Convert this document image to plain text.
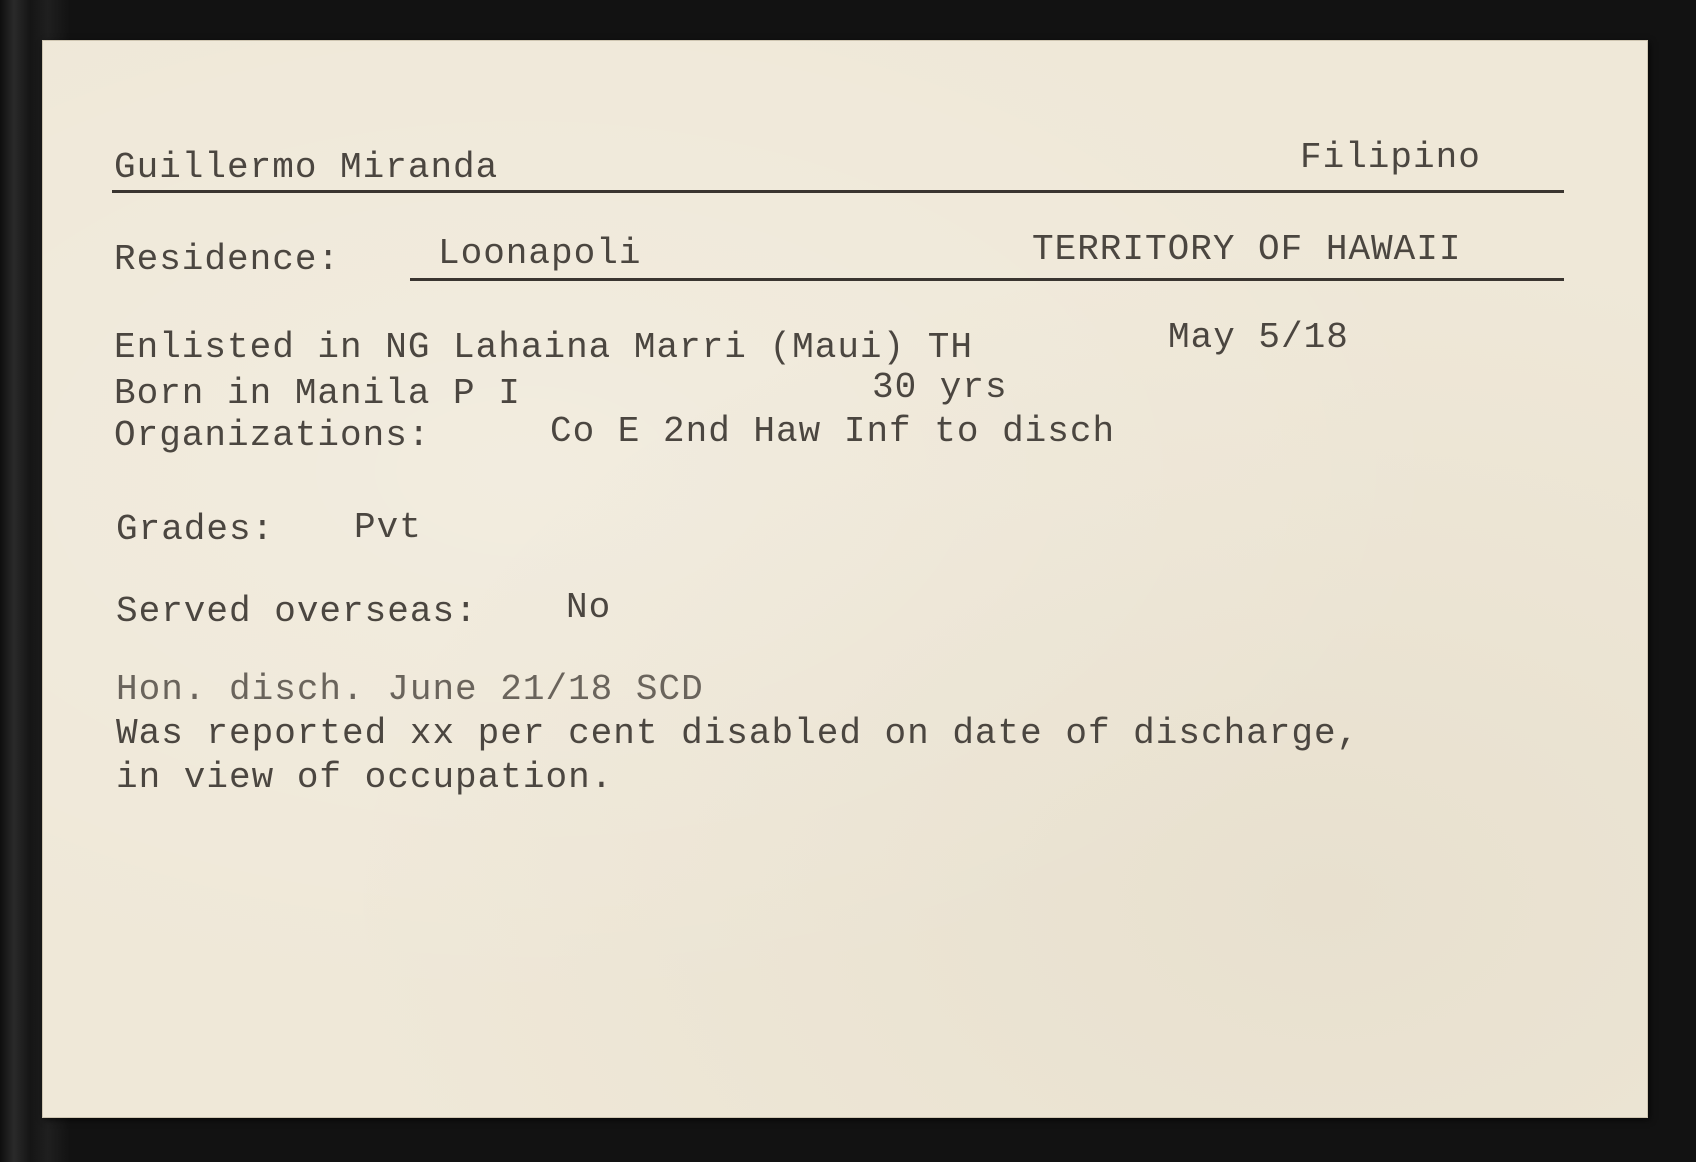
Guillermo Miranda	Filipino
Residence:	Loonapoli	TERRITORY OF HAWAII
Enlisted in NG Lahaina Marri (Maui) TH	May 5/18
Born in Manila P I	30 yrs
Organizations:	Co E 2nd Haw Inf to disch
Grades: Pvt
Served overseas: No
Hon. disch. June 21/18 SCD
Was reported xx per cent disabled on date of discharge,
in view of occupation.
